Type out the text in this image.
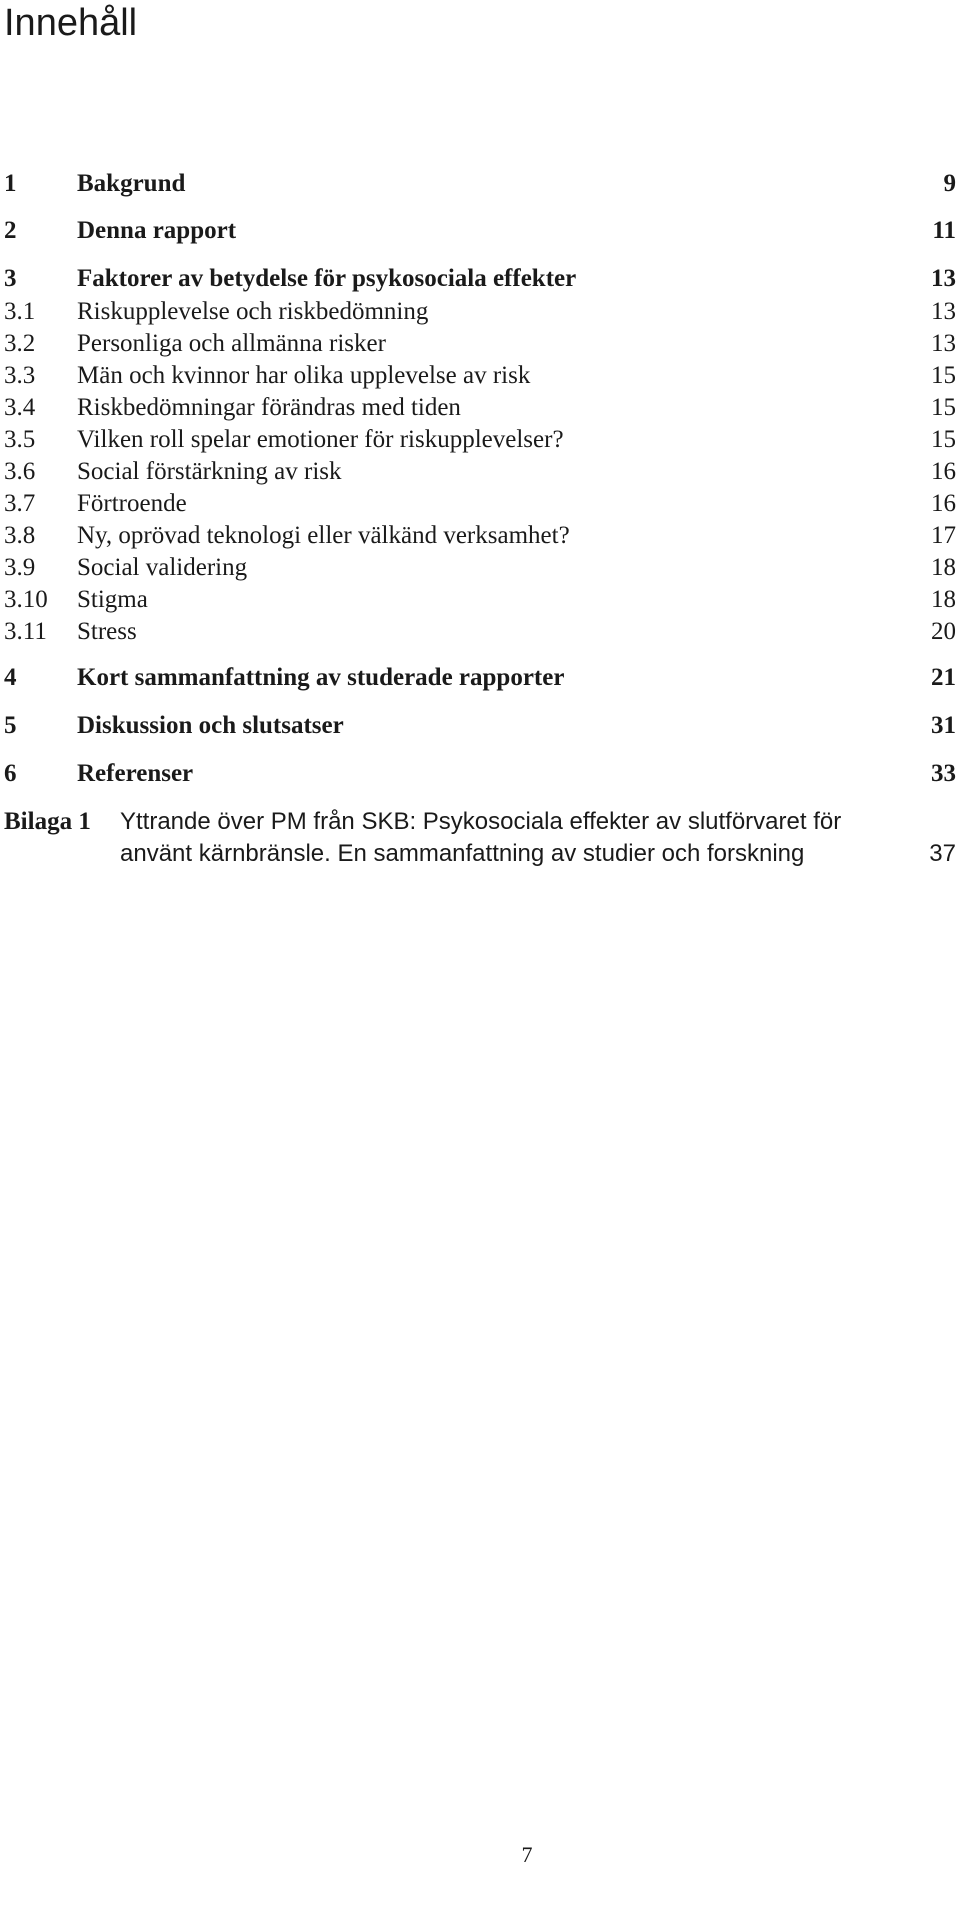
Innehåll
1 Bakgrund	9
2 Denna rapport	11
3 Faktorer av betydelse för psykosociala effekter	13
3.1 Riskupplevelse och riskbedömning	13
3.2 Personliga och allmänna risker	13
3.3 Män och kvinnor har olika upplevelse av risk	15
3.4 Riskbedömningar förändras med tiden	15
3.5 Vilken roll spelar emotioner för riskupplevelser?	15
3.6 Social förstärkning av risk	16
3.7 Förtroende	16
3.8 Ny, oprövad teknologi eller välkänd verksamhet?	17
3.9 Social validering	18
3.10 Stigma	18
3.11 Stress	20
4 Kort sammanfattning av studerade rapporter	21
5 Diskussion och slutsatser	31
6 Referenser	33
Bilaga 1 Yttrande över PM från SKB: Psykosociala effekter av slutförvaret för
använt kärnbränsle. En sammanfattning av studier och forskning	37
7
